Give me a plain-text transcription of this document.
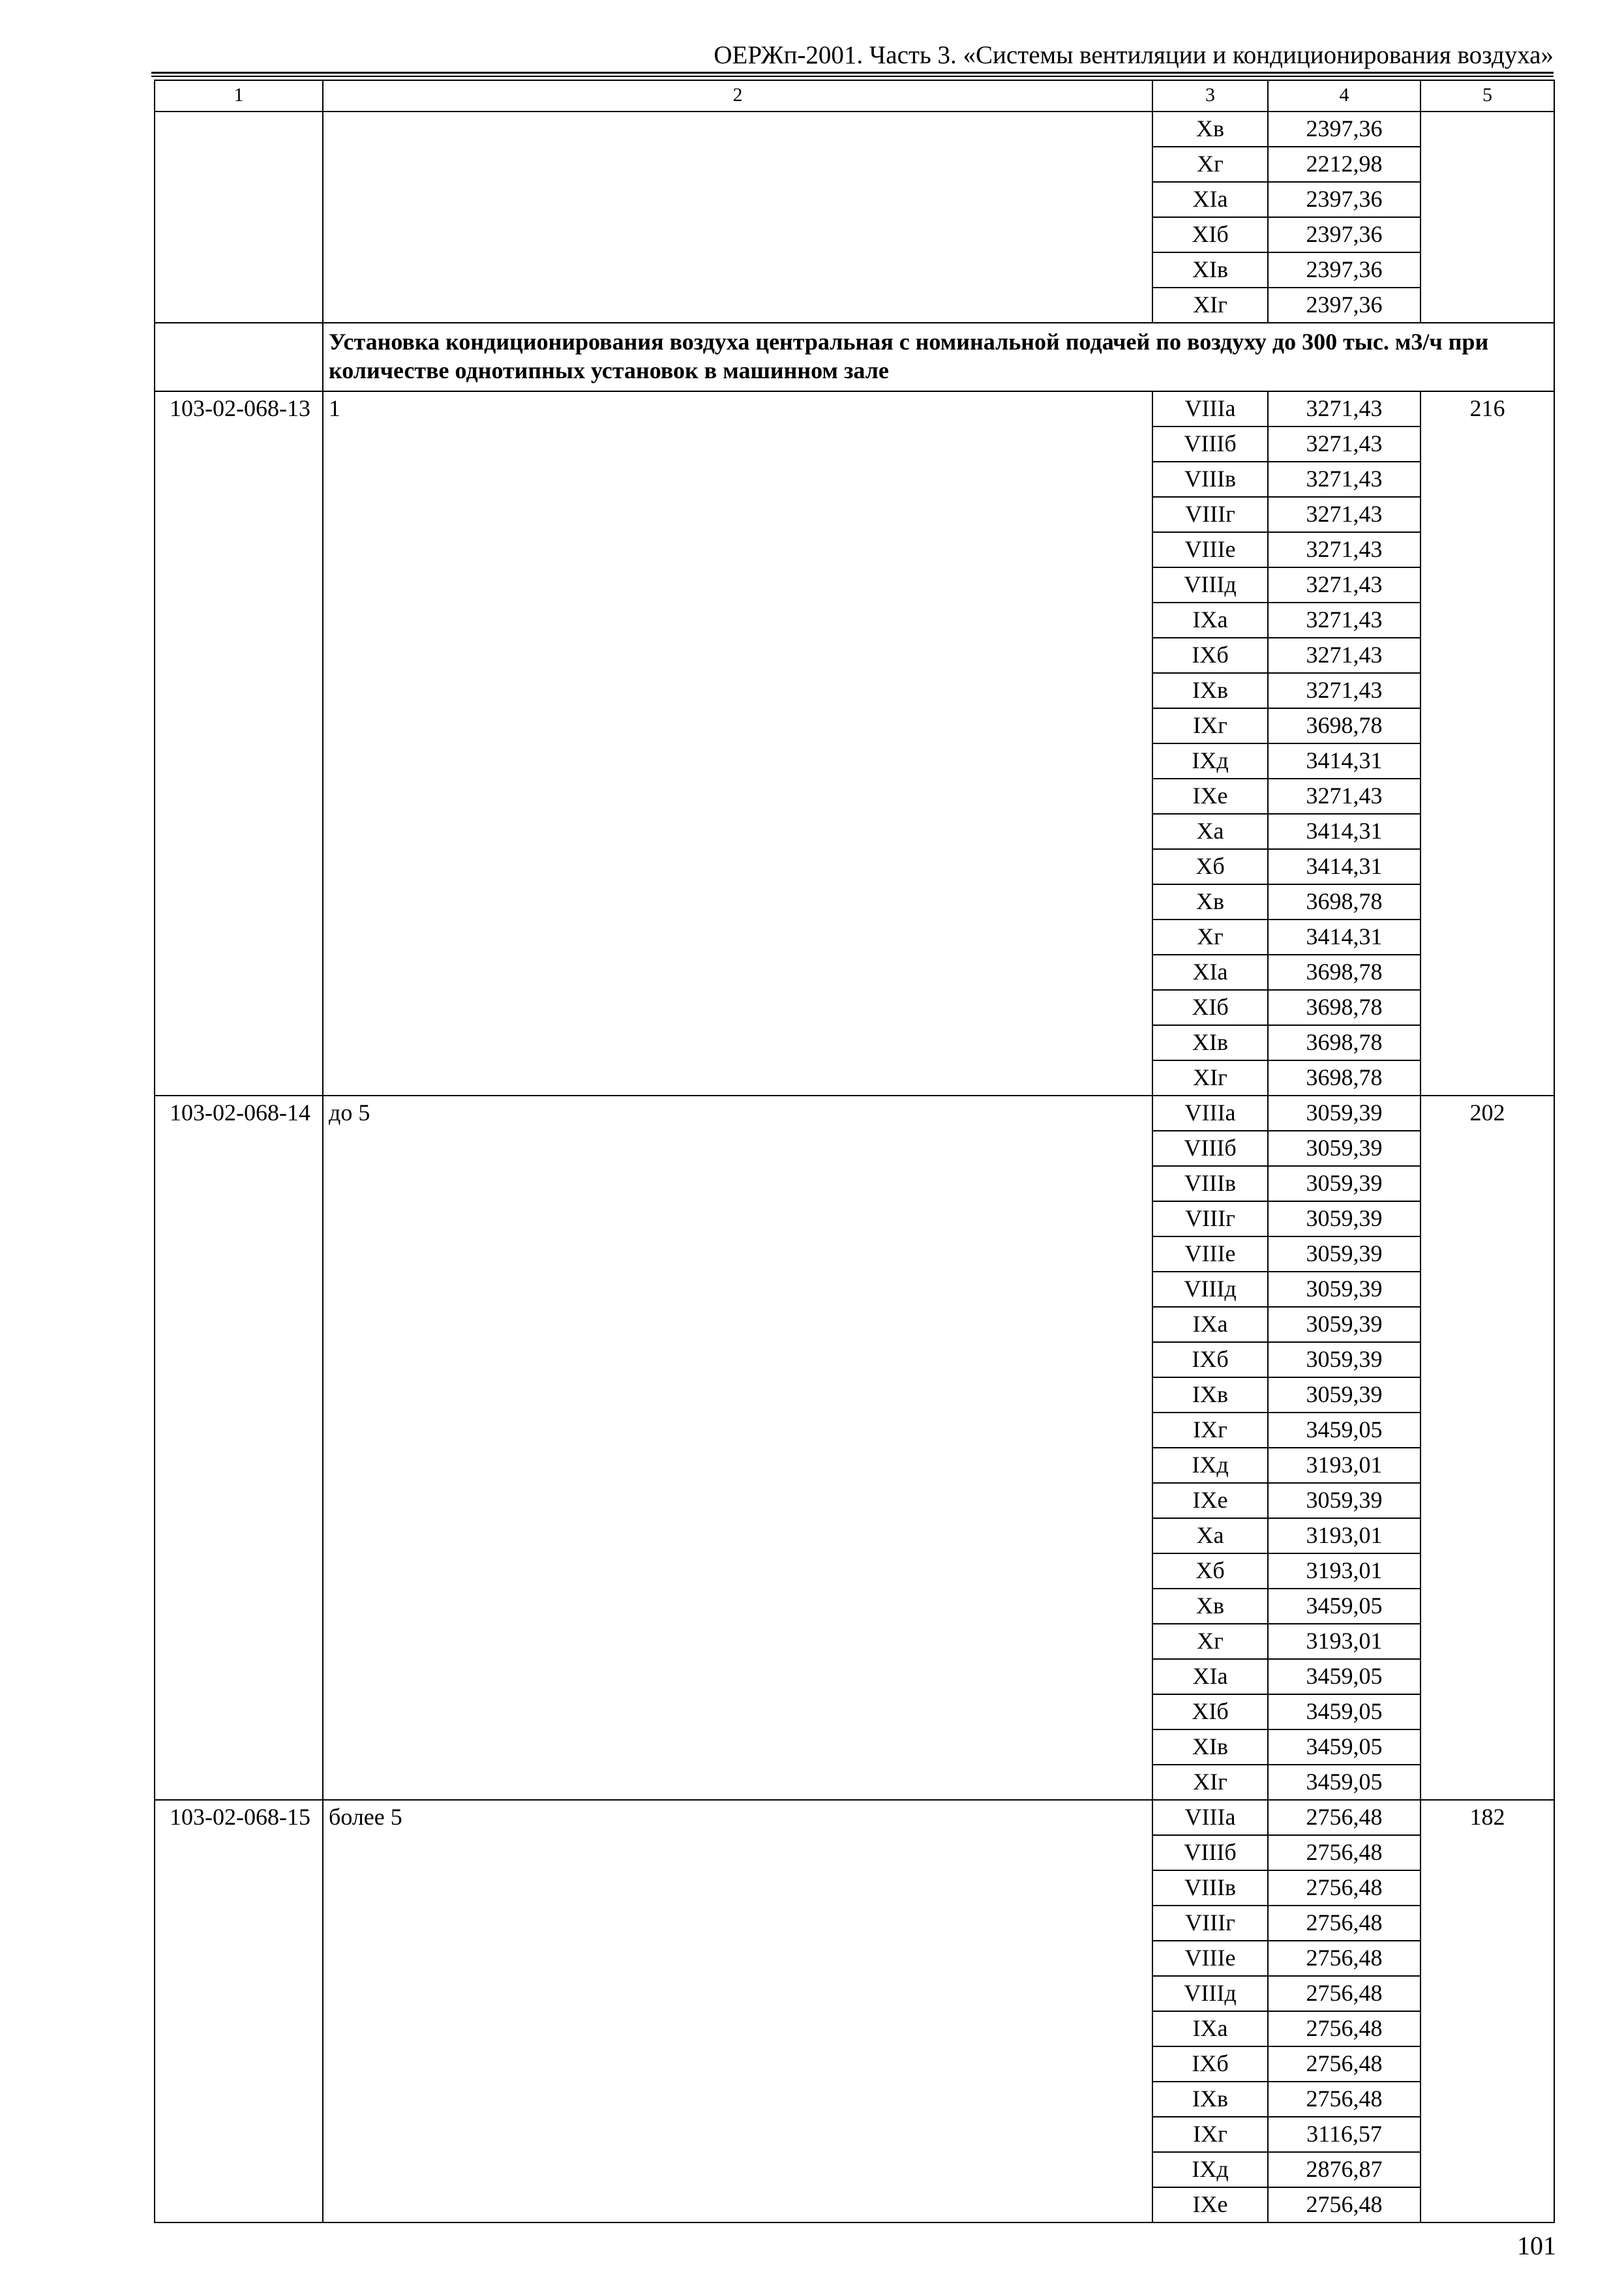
ОЕРЖп-2001. Часть 3. «Системы вентиляции и кондиционирования воздуха»
1	2	3	4	5
		Xв	2397,36	
		Xг	2212,98	
		XIа	2397,36	
		XIб	2397,36	
		XIв	2397,36	
		XIг	2397,36	
	Установка кондиционирования воздуха центральная с номинальной подачей по воздуху до 300 тыс. м3/ч при количестве однотипных установок в машинном зале			
103-02-068-13	1	VIIIа	3271,43	216
		VIIIб	3271,43	
		VIIIв	3271,43	
		VIIIг	3271,43	
		VIIIе	3271,43	
		VIIIд	3271,43	
		IXа	3271,43	
		IXб	3271,43	
		IXв	3271,43	
		IXг	3698,78	
		IXд	3414,31	
		IXе	3271,43	
		Xа	3414,31	
		Xб	3414,31	
		Xв	3698,78	
		Xг	3414,31	
		XIа	3698,78	
		XIб	3698,78	
		XIв	3698,78	
		XIг	3698,78	
103-02-068-14	до 5	VIIIа	3059,39	202
		VIIIб	3059,39	
		VIIIв	3059,39	
		VIIIг	3059,39	
		VIIIе	3059,39	
		VIIIд	3059,39	
		IXа	3059,39	
		IXб	3059,39	
		IXв	3059,39	
		IXг	3459,05	
		IXд	3193,01	
		IXе	3059,39	
		Xа	3193,01	
		Xб	3193,01	
		Xв	3459,05	
		Xг	3193,01	
		XIа	3459,05	
		XIб	3459,05	
		XIв	3459,05	
		XIг	3459,05	
103-02-068-15	более 5	VIIIа	2756,48	182
		VIIIб	2756,48	
		VIIIв	2756,48	
		VIIIг	2756,48	
		VIIIе	2756,48	
		VIIIд	2756,48	
		IXа	2756,48	
		IXб	2756,48	
		IXв	2756,48	
		IXг	3116,57	
		IXд	2876,87	
		IXе	2756,48	
101
